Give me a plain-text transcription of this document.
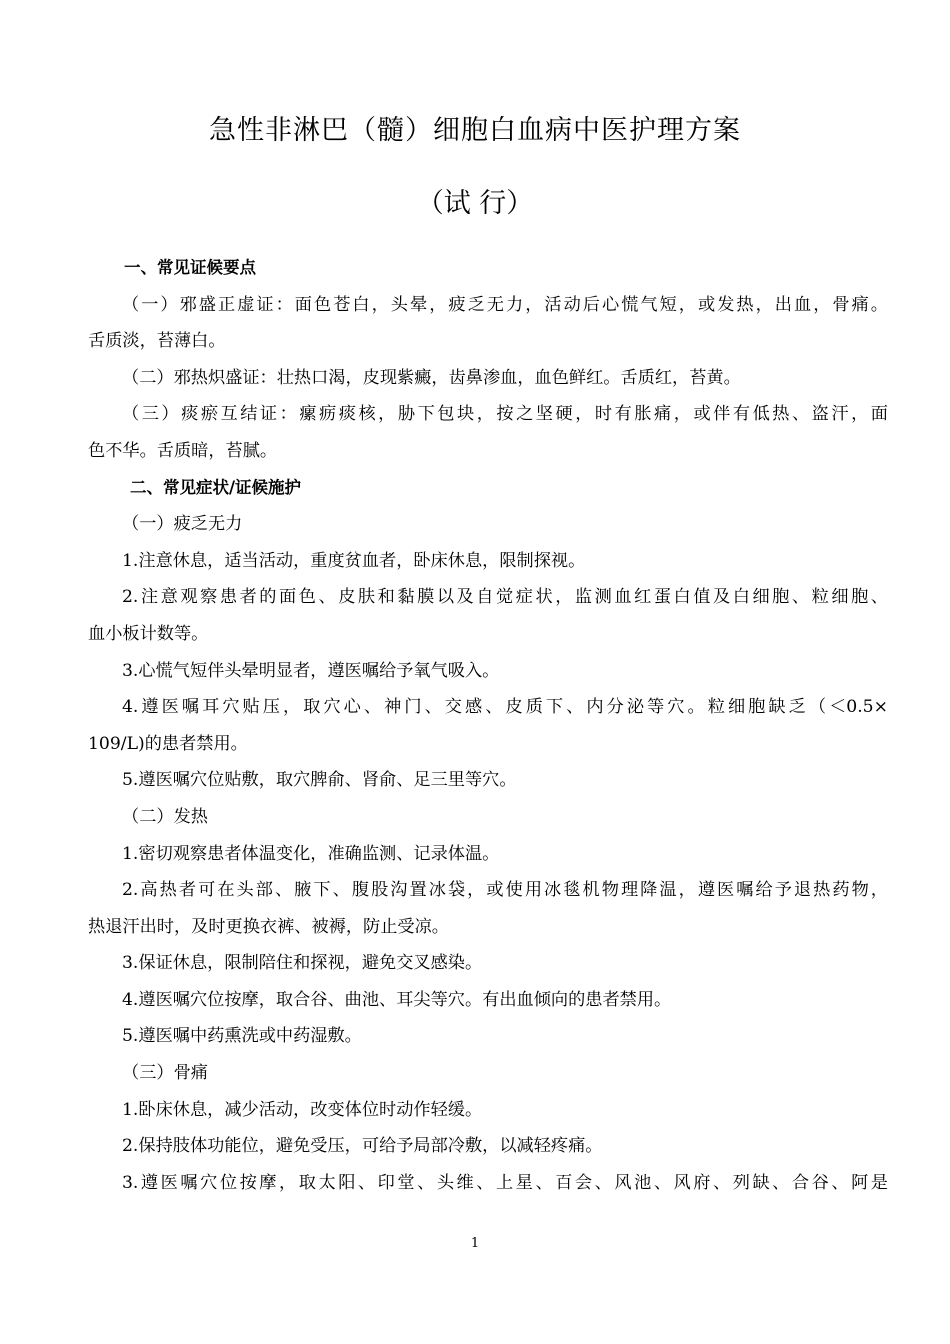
急性非淋巴（髓）细胞白血病中医护理方案
（试 行）
一、常见证候要点
（一）邪盛正虚证：面色苍白，头晕，疲乏无力，活动后心慌气短，或发热，出血，骨痛。
舌质淡，苔薄白。
（二）邪热炽盛证：壮热口渴，皮现紫癜，齿鼻渗血，血色鲜红。舌质红，苔黄。
（三）痰瘀互结证：瘰疬痰核，胁下包块，按之坚硬，时有胀痛，或伴有低热、盗汗，面
色不华。舌质暗，苔腻。
二、常见症状/证候施护
（一）疲乏无力
1.注意休息，适当活动，重度贫血者，卧床休息，限制探视。
2.注意观察患者的面色、皮肤和黏膜以及自觉症状，监测血红蛋白值及白细胞、粒细胞、
血小板计数等。
3.心慌气短伴头晕明显者，遵医嘱给予氧气吸入。
4.遵医嘱耳穴贴压，取穴心、神门、交感、皮质下、内分泌等穴。粒细胞缺乏（＜0.5×
109/L)的患者禁用。
5.遵医嘱穴位贴敷，取穴脾俞、肾俞、足三里等穴。
（二）发热
1.密切观察患者体温变化，准确监测、记录体温。
2.高热者可在头部、腋下、腹股沟置冰袋，或使用冰毯机物理降温，遵医嘱给予退热药物，
热退汗出时，及时更换衣裤、被褥，防止受凉。
3.保证休息，限制陪住和探视，避免交叉感染。
4.遵医嘱穴位按摩，取合谷、曲池、耳尖等穴。有出血倾向的患者禁用。
5.遵医嘱中药熏洗或中药湿敷。
（三）骨痛
1.卧床休息，减少活动，改变体位时动作轻缓。
2.保持肢体功能位，避免受压，可给予局部冷敷，以减轻疼痛。
3.遵医嘱穴位按摩，取太阳、印堂、头维、上星、百会、风池、风府、列缺、合谷、阿是
1
